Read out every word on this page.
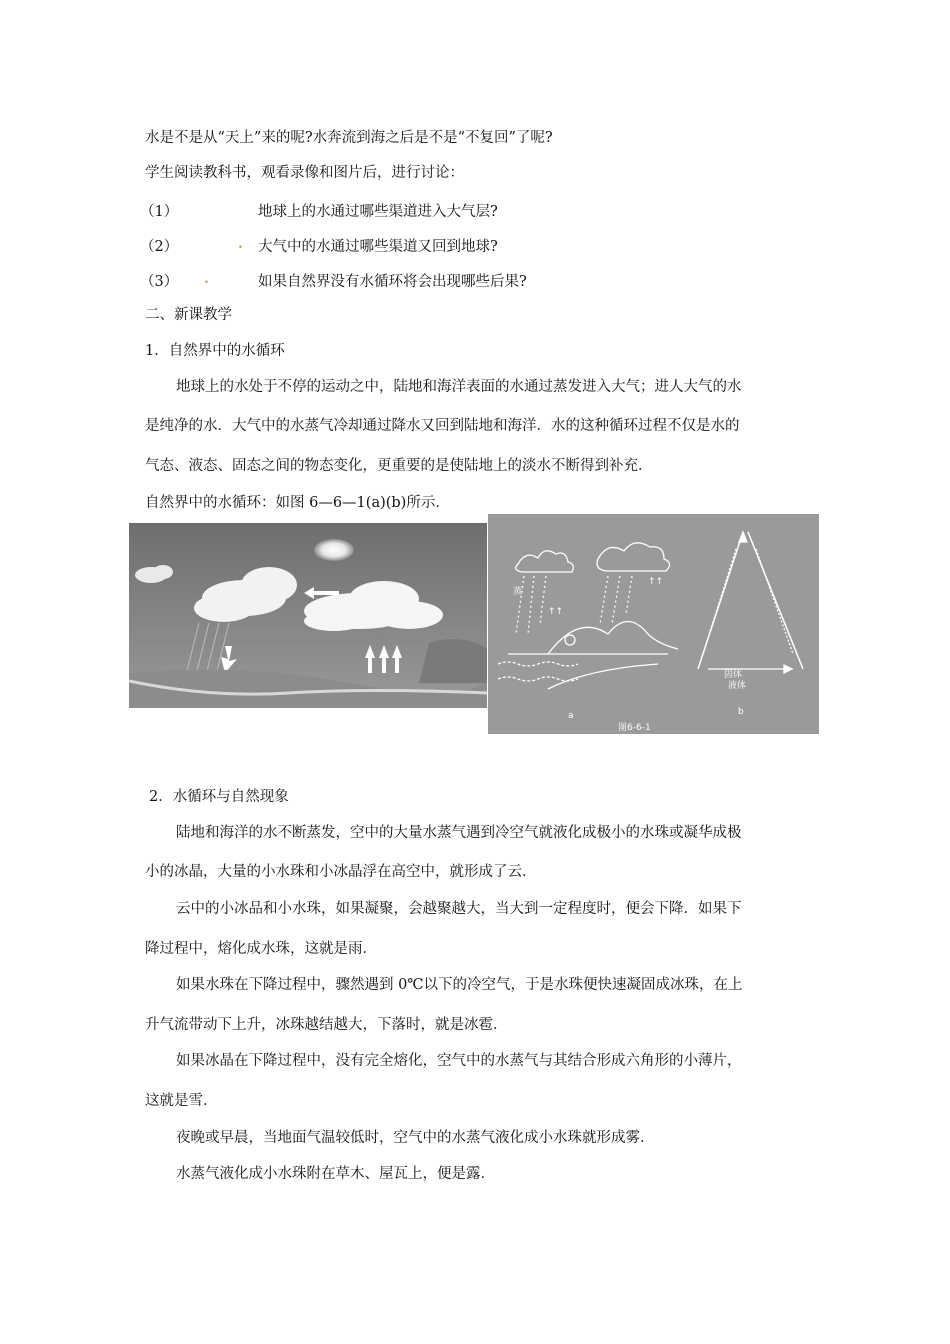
水是不是从“天上”来的呢?水奔流到海之后是不是“不复回”了呢?
学生阅读教科书，观看录像和图片后，进行讨论：
（1）	地球上的水通过哪些渠道进入大气层?
（2）	. 大气中的水通过哪些渠道又回到地球?
（3） .	如果自然界没有水循环将会出现哪些后果?
二、新课教学
1．自然界中的水循环
地球上的水处于不停的运动之中，陆地和海洋表面的水通过蒸发进入大气；进人大气的水
是纯净的水．大气中的水蒸气冷却通过降水又回到陆地和海洋．水的这种循环过程不仅是水的
气态、液态、固态之间的物态变化，更重要的是使陆地上的淡水不断得到补充．
自然界中的水循环：如图 6—6—1(a)(b)所示．
蒸
↑↑
↑↑
固体
液体
a
图6-6-1
b
2．水循环与自然现象
陆地和海洋的水不断蒸发，空中的大量水蒸气遇到冷空气就液化成极小的水珠或凝华成极
小的冰晶，大量的小水珠和小冰晶浮在高空中，就形成了云．
云中的小冰品和小水珠，如果凝聚，会越聚越大，当大到一定程度时，便会下降．如果下
降过程中，熔化成水珠，这就是雨．
如果水珠在下降过程中，骤然遇到 0℃以下的冷空气，于是水珠便快速凝固成冰珠，在上
升气流带动下上升，冰珠越结越大，下落时，就是冰雹．
如果冰晶在下降过程中，没有完全熔化，空气中的水蒸气与其结合形成六角形的小薄片，
这就是雪．
夜晚或早晨，当地面气温较低时，空气中的水蒸气液化成小水珠就形成雾．
水蒸气液化成小水珠附在草木、屋瓦上，便是露．
